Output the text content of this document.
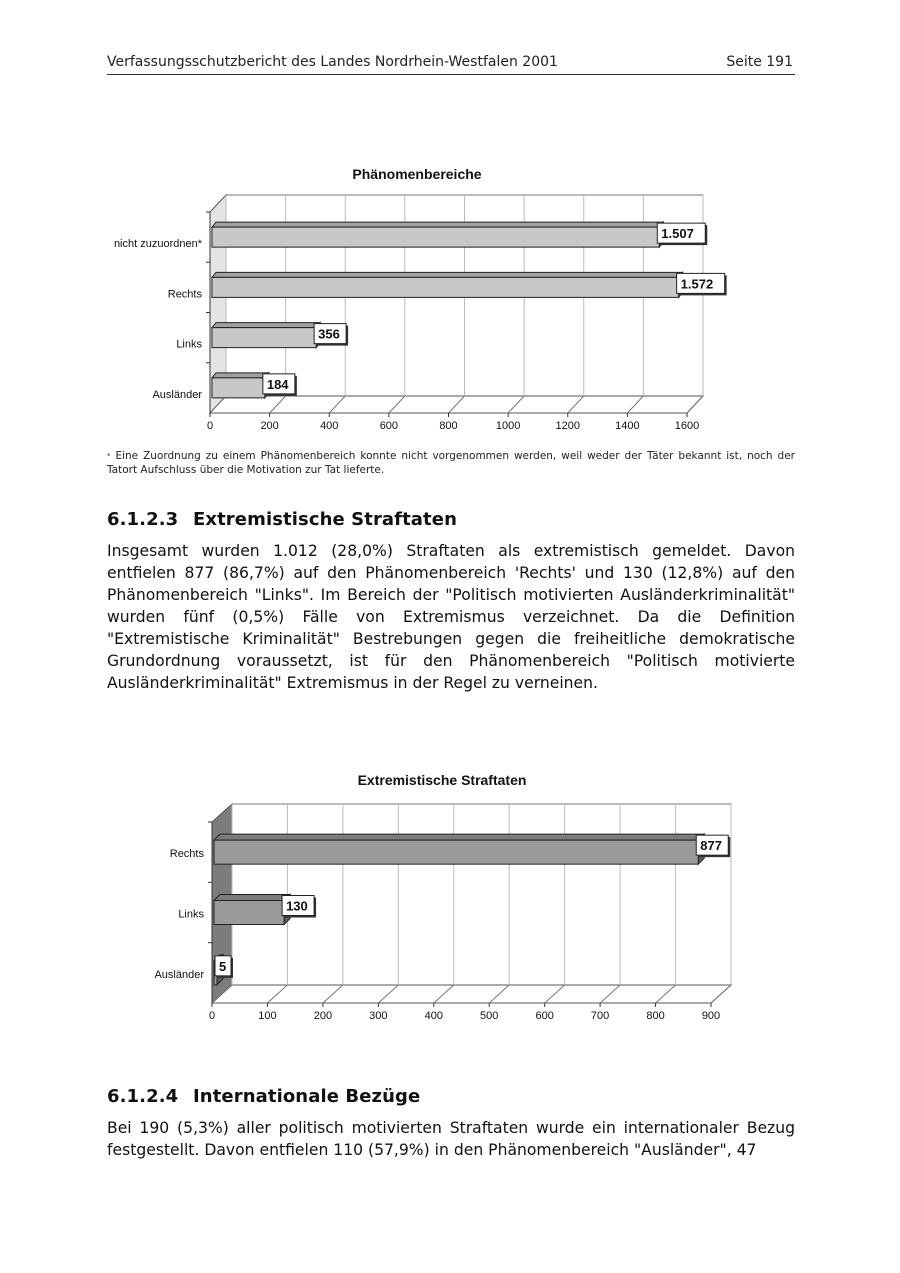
Verfassungsschutzbericht des Landes Nordrhein-Westfalen 2001	Seite 191
Phänomenbereiche
0	200	400	600	800	1000	1200	1400	1600
nicht zuzuordnen*
1.507
Rechts
1.572
Links
356
Ausländer
184
* Eine Zuordnung zu einem Phänomenbereich konnte nicht vorgenommen werden, weil weder der Täter bekannt ist, noch der Tatort Aufschluss über die Motivation zur Tat lieferte.
6.1.2.3 Extremistische Straftaten

Insgesamt wurden 1.012 (28,0%) Straftaten als extremistisch gemeldet. Davon entfielen 877 (86,7%) auf den Phänomenbereich 'Rechts' und 130 (12,8%) auf den Phänomenbereich "Links". Im Bereich der "Politisch motivierten Ausländerkriminalität" wurden fünf (0,5%) Fälle von Extremismus verzeichnet. Da die Definition "Extremistische Kriminalität" Bestrebungen gegen die freiheitliche demokratische Grundordnung voraussetzt, ist für den Phänomenbereich "Politisch motivierte Ausländerkriminalität" Extremismus in der Regel zu verneinen.

Extremistische Straftaten
0	100	200	300	400	500	600	700	800	900
Rechts
877
Links
130
Ausländer
5
6.1.2.4 Internationale Bezüge

Bei 190 (5,3%) aller politisch motivierten Straftaten wurde ein internationaler Bezug festgestellt. Davon entfielen 110 (57,9%) in den Phänomenbereich "Ausländer", 47
